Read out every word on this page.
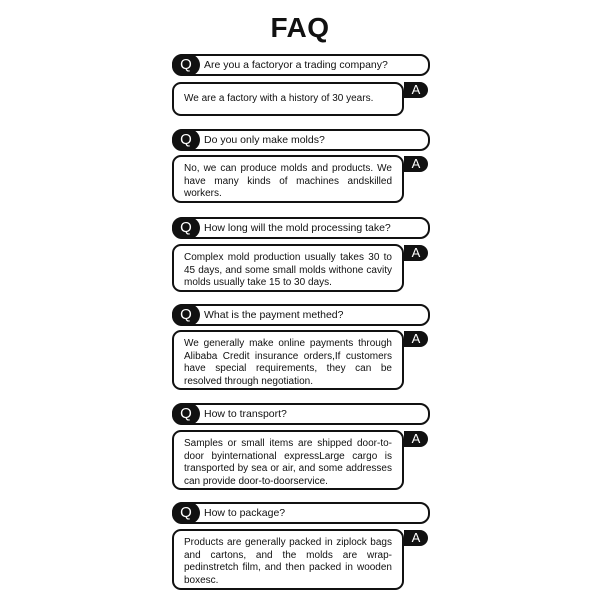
FAQ
Q	Are you a factoryor a trading company?

We are a factory with a history of 30 years.

A
Q	Do you only make molds?

No, we can produce molds and products. We have many kinds of machines andskilled workers.

A
Q	How long will the mold processing take?

Complex mold production usually takes 30 to 45 days, and some small molds withone cavity molds usually take 15 to 30 days.

A
Q	What is the payment methed?

We generally make online payments through Alibaba Credit insurance orders,If customers have special requirements, they can be resolved through negotiation.

A
Q	How to transport?

Samples or small items are shipped door-to-door byinternational expressLarge cargo is transported by sea or air, and some addresses can provide door-to-doorservice.

A
Q	How to package?

Products are generally packed in ziplock bags and cartons, and the molds are wrap-pedinstretch film, and then packed in wooden boxesc.

A
